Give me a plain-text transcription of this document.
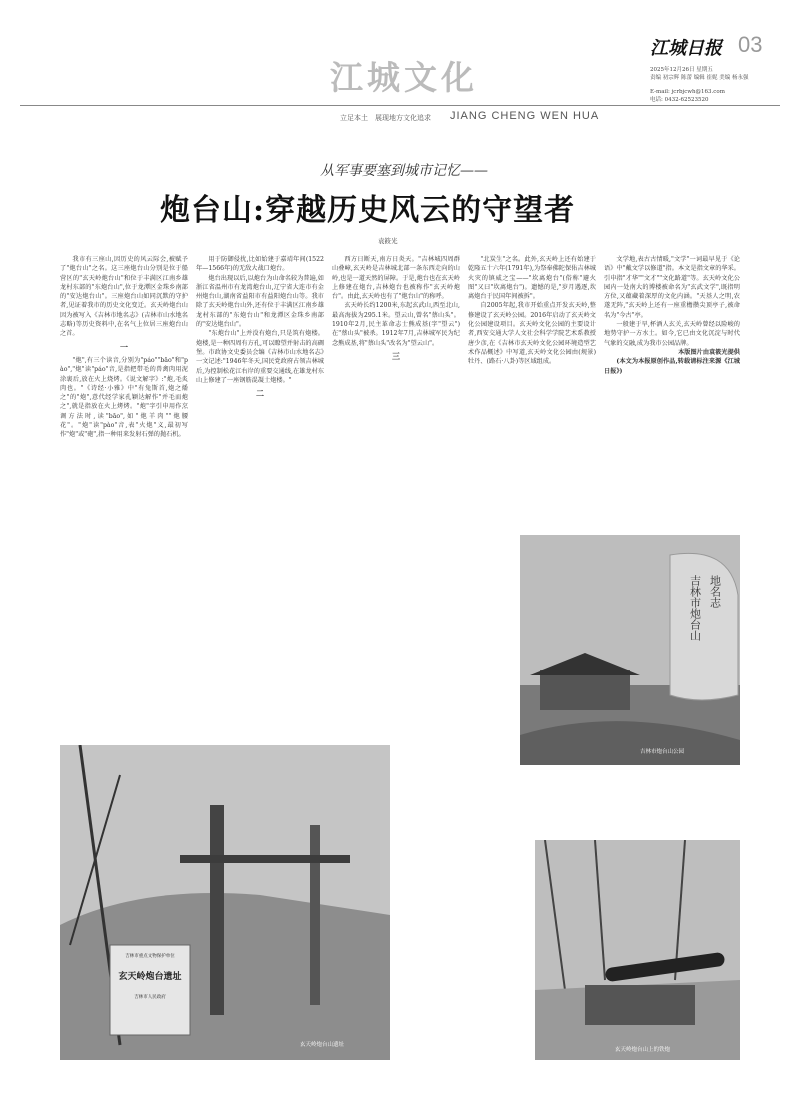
江城日报 03
2025年12月26日 星期五
责编 初宗辉 陈蕾 编辑 崔妮 美编 杨永强
E-mail: jcrbjcwh@163.com
电话: 0432-62523520
江城文化
立足本土　展现地方文化追求 JIANG CHENG WEN HUA
从军事要塞到城市记忆——
炮台山:穿越历史风云的守望者
袁筱光

我市有三座山,因历史的风云际会,被赋予了"炮台山"之名。这三座炮台山分别是位于船营区的"玄天岭炮台山"和位于丰满区江南乡雄龙村东部的"东炮台山",位于龙潭区金珠乡南部的"安达炮台山"。三座炮台山如同沉默的守护者,见证着我市的历史文化变迁。玄天岭炮台山因为被写入《吉林市地名志》(吉林市山水地名志略)等历史资料中,在名气上位居三座炮台山之首。

一

"炮",有三个读音,分别为"páo""bāo"和"pào","炮"读"páo"音,是指把带毛的兽禽肉用泥涂裹后,放在火上烧烤。《说文解字》:"炮,毛炙肉也。"《诗经·小雅》中"有兔斯首,炮之燔之"的"炮",意代经学家孔颖达解作"并毛而炮之",就是指放在火上烤烤。"炮"字引申用作烹调方法时,读"bāo",如"炮羊肉""炮腰花"。"炮"读"pào"音,表"火炮"义,最初写作"炮"或"砲",指一种用来发射石弹的抛石机。

用于防御侵扰,比如始建于嘉靖年间(1522年—1566年)的无敌大战口炮台。

炮台出现以后,以炮台为山命名较为普遍,如浙江省温州市有龙湾炮台山,辽宁省大连市有金州炮台山,湖南省益阳市有益阳炮台山等。我市除了玄天岭炮台山外,还有位于丰满区江南乡雄龙村东部的"东炮台山"和龙潭区金珠乡南部的"安达炮台山"。

"东炮台山"上并没有炮台,只是筑有炮楼。炮楼,是一种四周有方孔,可以瞭望并射击的高碉堡。市政协文史委员会编《吉林市山水地名志》一文记述:"1946年冬天,国民党政府占领吉林城后,为控制松花江右岸的重要交通线,在雄龙村东山上修建了一座钢筋混凝土炮楼。"

二

西方日断天,南方日炎天。"吉林城四周群山叠嶂,玄天岭是吉林城北部一条东西走向的山岭,也是一道天然的屏障。于是,炮台也在玄天岭上修建在炮台,吉林炮台也被称作"玄天岭炮台"。由此,玄天岭也有了"炮台山"的称呼。

玄天岭长约1200米,东起玄武山,西至北山,最高海拔为295.1米。望云山,曾名"蔡山头"。1910年2月,民主革命志士熊成基(字"望云")在"蔡山头"被杀。1912年7月,吉林城军民为纪念熊成基,将"蔡山头"改名为"望云山"。

三

"北炭生"之名。此外,玄天岭上还有始建于乾隆五十六年(1791年),为祭奉佛陀保佑吉林城火灾的镇威之宝——"坎离炮台"(俗称"避火图"又曰"坎离炮台")。遗憾的是,"岁月遇逐,坎离炮台于民国年间被拆"。

自2005年起,我市开始重点开发玄天岭,整修建设了玄天岭公园。2016年启动了玄天岭文化公园建设项目。玄天岭文化公园的主要设计者,西安交通大学人文社会科学学院艺术系教授唐少彦,在《吉林市玄天岭文化公园环境造型艺术作品概述》中写道,玄天岭文化公园由(规景)牡丹、(路石·八卦)等区域组成。

文学地,表古古情暖,"文学"一词最早见于《论语》中"戴文学以修道"指。本文是指文章的华采。引申指"才华""文才""文化路道"等。玄天岭文化公园内一处南大的博楼被命名为"玄武文学",既指明方位,又蕴藏着深厚的文化内涵。"天基人之明,农遂无阵,"玄天岭上还有一座重檐攒尖顶亭子,被命名为"今古"亭。

一般建于旱,杯酒人玄关,玄天岭曾经以险峻的地势守护一方水土。如今,它已由文化沉淀与时代气象的交融,成为我市公园品牌。

本版图片由袁筱光提供

(本文为本报原创作品,转载请标注来源《江城日报》)

吉林市炮台山 地名志
吉林市炮台山公园
吉林市重点文物保护单位
玄天岭炮台遗址
吉林市人民政府
玄天岭炮台山遗址
玄天岭炮台山上的铁炮
